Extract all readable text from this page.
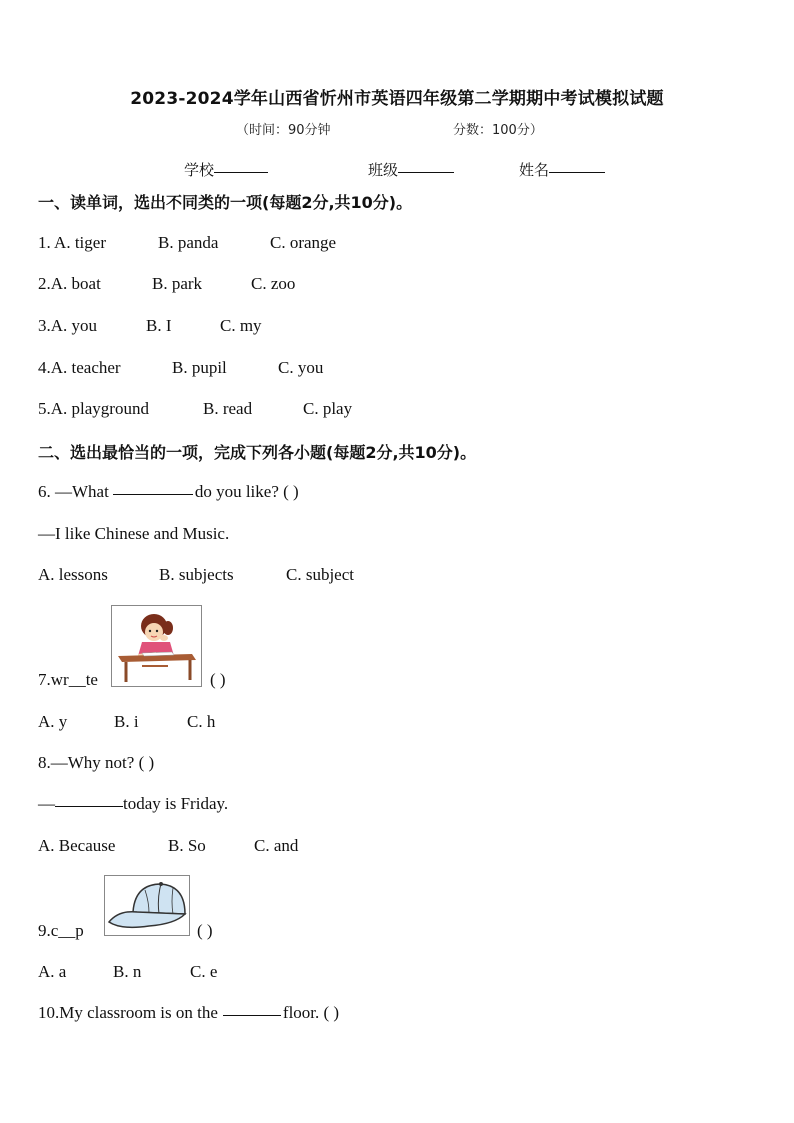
2023-2024学年山西省忻州市英语四年级第二学期期中考试模拟试题
（时间：90分钟	分数：100分）
学校	班级	姓名
一、读单词，选出不同类的一项(每题2分,共10分)。
1. A. tiger	B. panda	C. orange
2.A. boat	B. park	C. zoo
3.A. you	B. I	C. my
4.A. teacher	B. pupil	C. you
5.A. playground	B. read	C. play
二、选出最恰当的一项，完成下列各小题(每题2分,共10分)。
6. —What	do you like? ( )
—I like Chinese and Music.
A. lessons	B. subjects	C. subject
7.wr__te	( )
A. y	B. i	C. h
8.—Why not? ( )
—	today is Friday.
A. Because	B. So	C. and
9.c__p	( )
A. a	B. n	C. e
10.My classroom is on the	floor. ( )
